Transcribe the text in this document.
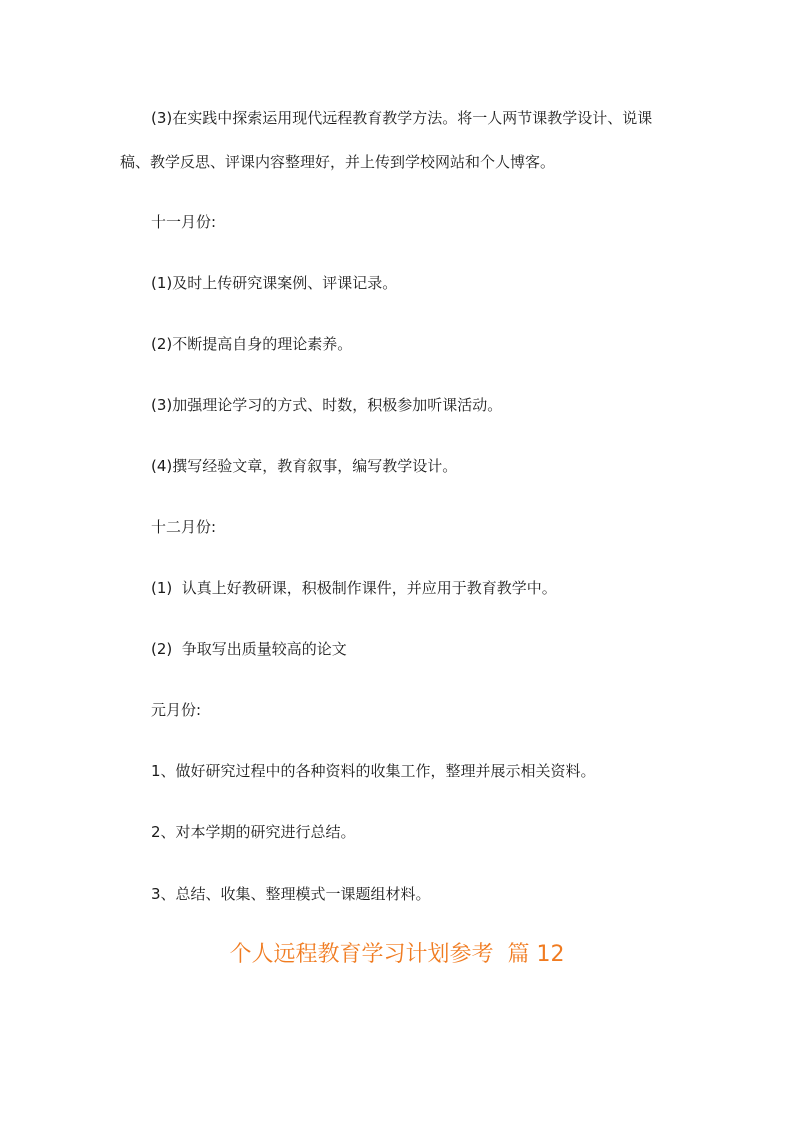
(3)在实践中探索运用现代远程教育教学方法。将一人两节课教学设计、说课稿、教学反思、评课内容整理好，并上传到学校网站和个人博客。

十一月份:

(1)及时上传研究课案例、评课记录。

(2)不断提高自身的理论素养。

(3)加强理论学习的方式、时数，积极参加听课活动。

(4)撰写经验文章，教育叙事，编写教学设计。

十二月份:

(1)  认真上好教研课，积极制作课件，并应用于教育教学中。

(2)  争取写出质量较高的论文

元月份:

1、做好研究过程中的各种资料的收集工作，整理并展示相关资料。

2、对本学期的研究进行总结。

3、总结、收集、整理模式一课题组材料。

个人远程教育学习计划参考  篇 12
